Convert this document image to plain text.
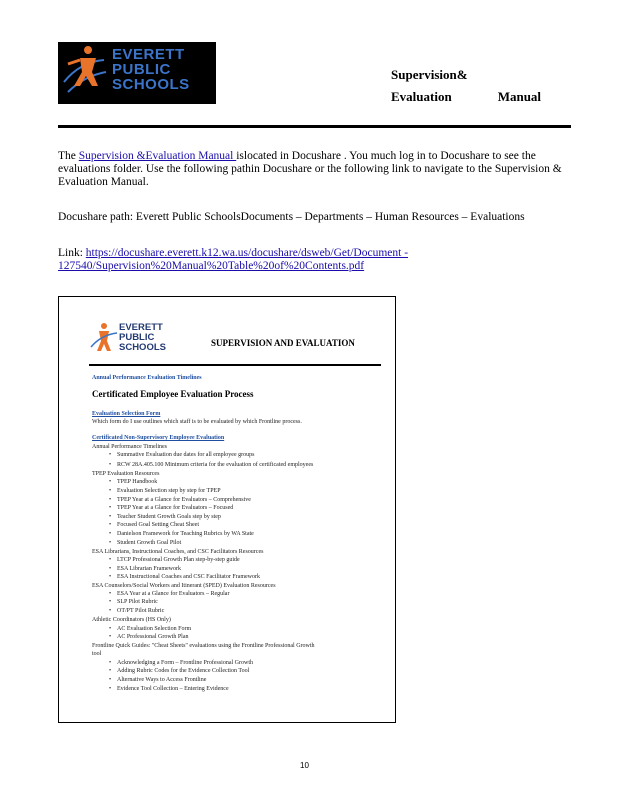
EVERETT
PUBLIC
SCHOOLS
Supervision&
Evaluation	Manual
The Supervision &Evaluation Manual islocated in Docushare . You much log in to Docushare to see the evaluations folder. Use the following pathin Docushare or the following link to navigate to the Supervision & Evaluation Manual.
Docushare path: Everett Public SchoolsDocuments – Departments – Human Resources – Evaluations
Link: https://docushare.everett.k12.wa.us/docushare/dsweb/Get/Document -
127540/Supervision%20Manual%20Table%20of%20Contents.pdf
EVERETT
PUBLIC
SCHOOLS	SUPERVISION AND EVALUATION
Annual Performance Evaluation Timelines
Certificated Employee Evaluation Process
Evaluation Selection Form
Which form do I use outlines which staff is to be evaluated by which Frontline process.
Certificated Non-Supervisory Employee Evaluation
Annual Performance Timelines
• Summative Evaluation due dates for all employee groups
• RCW 28A.405.100 Minimum criteria for the evaluation of certificated employees
TPEP Evaluation Resources
• TPEP Handbook
• Evaluation Selection step by step for TPEP
• TPEP Year at a Glance for Evaluators – Comprehensive
• TPEP Year at a Glance for Evaluators – Focused
• Teacher Student Growth Goals step by step
• Focused Goal Setting Cheat Sheet
• Danielson Framework for Teaching Rubrics by WA State
• Student Growth Goal Pilot
ESA Librarians, Instructional Coaches, and CSC Facilitators Resources
• LTCP Professional Growth Plan step-by-step guide
• ESA Librarian Framework
• ESA Instructional Coaches and CSC Facilitator Framework
ESA Counselors/Social Workers and Itinerant (SPED) Evaluation Resources
• ESA Year at a Glance for Evaluators – Regular
• SLP Pilot Rubric
• OT/PT Pilot Rubric
Athletic Coordinators (HS Only)
• AC Evaluation Selection Form
• AC Professional Growth Plan
Frontline Quick Guides: "Cheat Sheets" evaluations using the Frontline Professional Growth
tool
• Acknowledging a Form – Frontline Professional Growth
• Adding Rubric Codes for the Evidence Collection Tool
• Alternative Ways to Access Frontline
• Evidence Tool Collection – Entering Evidence
10
